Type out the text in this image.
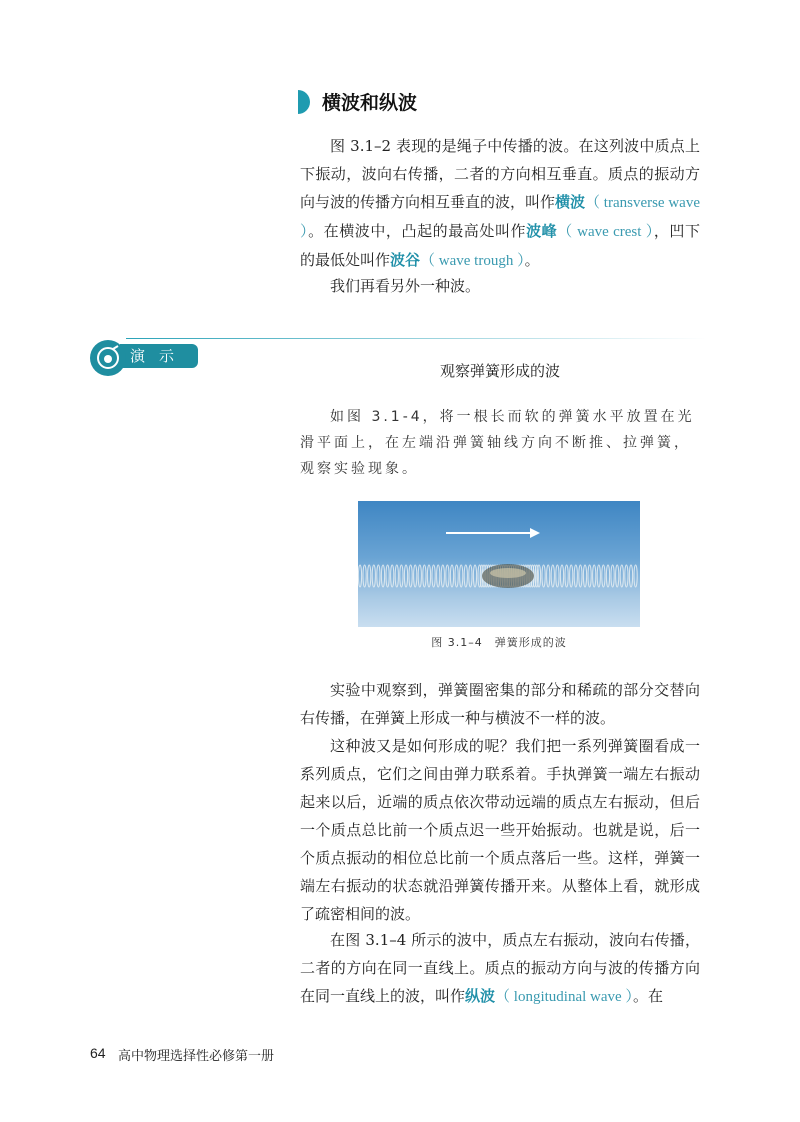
横波和纵波

图 3.1–2 表现的是绳子中传播的波。在这列波中质点上下振动，波向右传播，二者的方向相互垂直。质点的振动方向与波的传播方向相互垂直的波，叫作横波（ transverse wave ）。在横波中，凸起的最高处叫作波峰（ wave crest ），凹下的最低处叫作波谷（ wave trough ）。

我们再看另外一种波。

演示
观察弹簧形成的波

如图 3.1-4，将一根长而软的弹簧水平放置在光滑平面上，在左端沿弹簧轴线方向不断推、拉弹簧，观察实验现象。

图 3.1–4　弹簧形成的波

实验中观察到，弹簧圈密集的部分和稀疏的部分交替向右传播，在弹簧上形成一种与横波不一样的波。

这种波又是如何形成的呢？我们把一系列弹簧圈看成一系列质点，它们之间由弹力联系着。手执弹簧一端左右振动起来以后，近端的质点依次带动远端的质点左右振动，但后一个质点总比前一个质点迟一些开始振动。也就是说，后一个质点振动的相位总比前一个质点落后一些。这样，弹簧一端左右振动的状态就沿弹簧传播开来。从整体上看，就形成了疏密相间的波。

在图 3.1–4 所示的波中，质点左右振动，波向右传播，二者的方向在同一直线上。质点的振动方向与波的传播方向在同一直线上的波，叫作纵波（ longitudinal wave ）。在

64 高中物理选择性必修第一册
